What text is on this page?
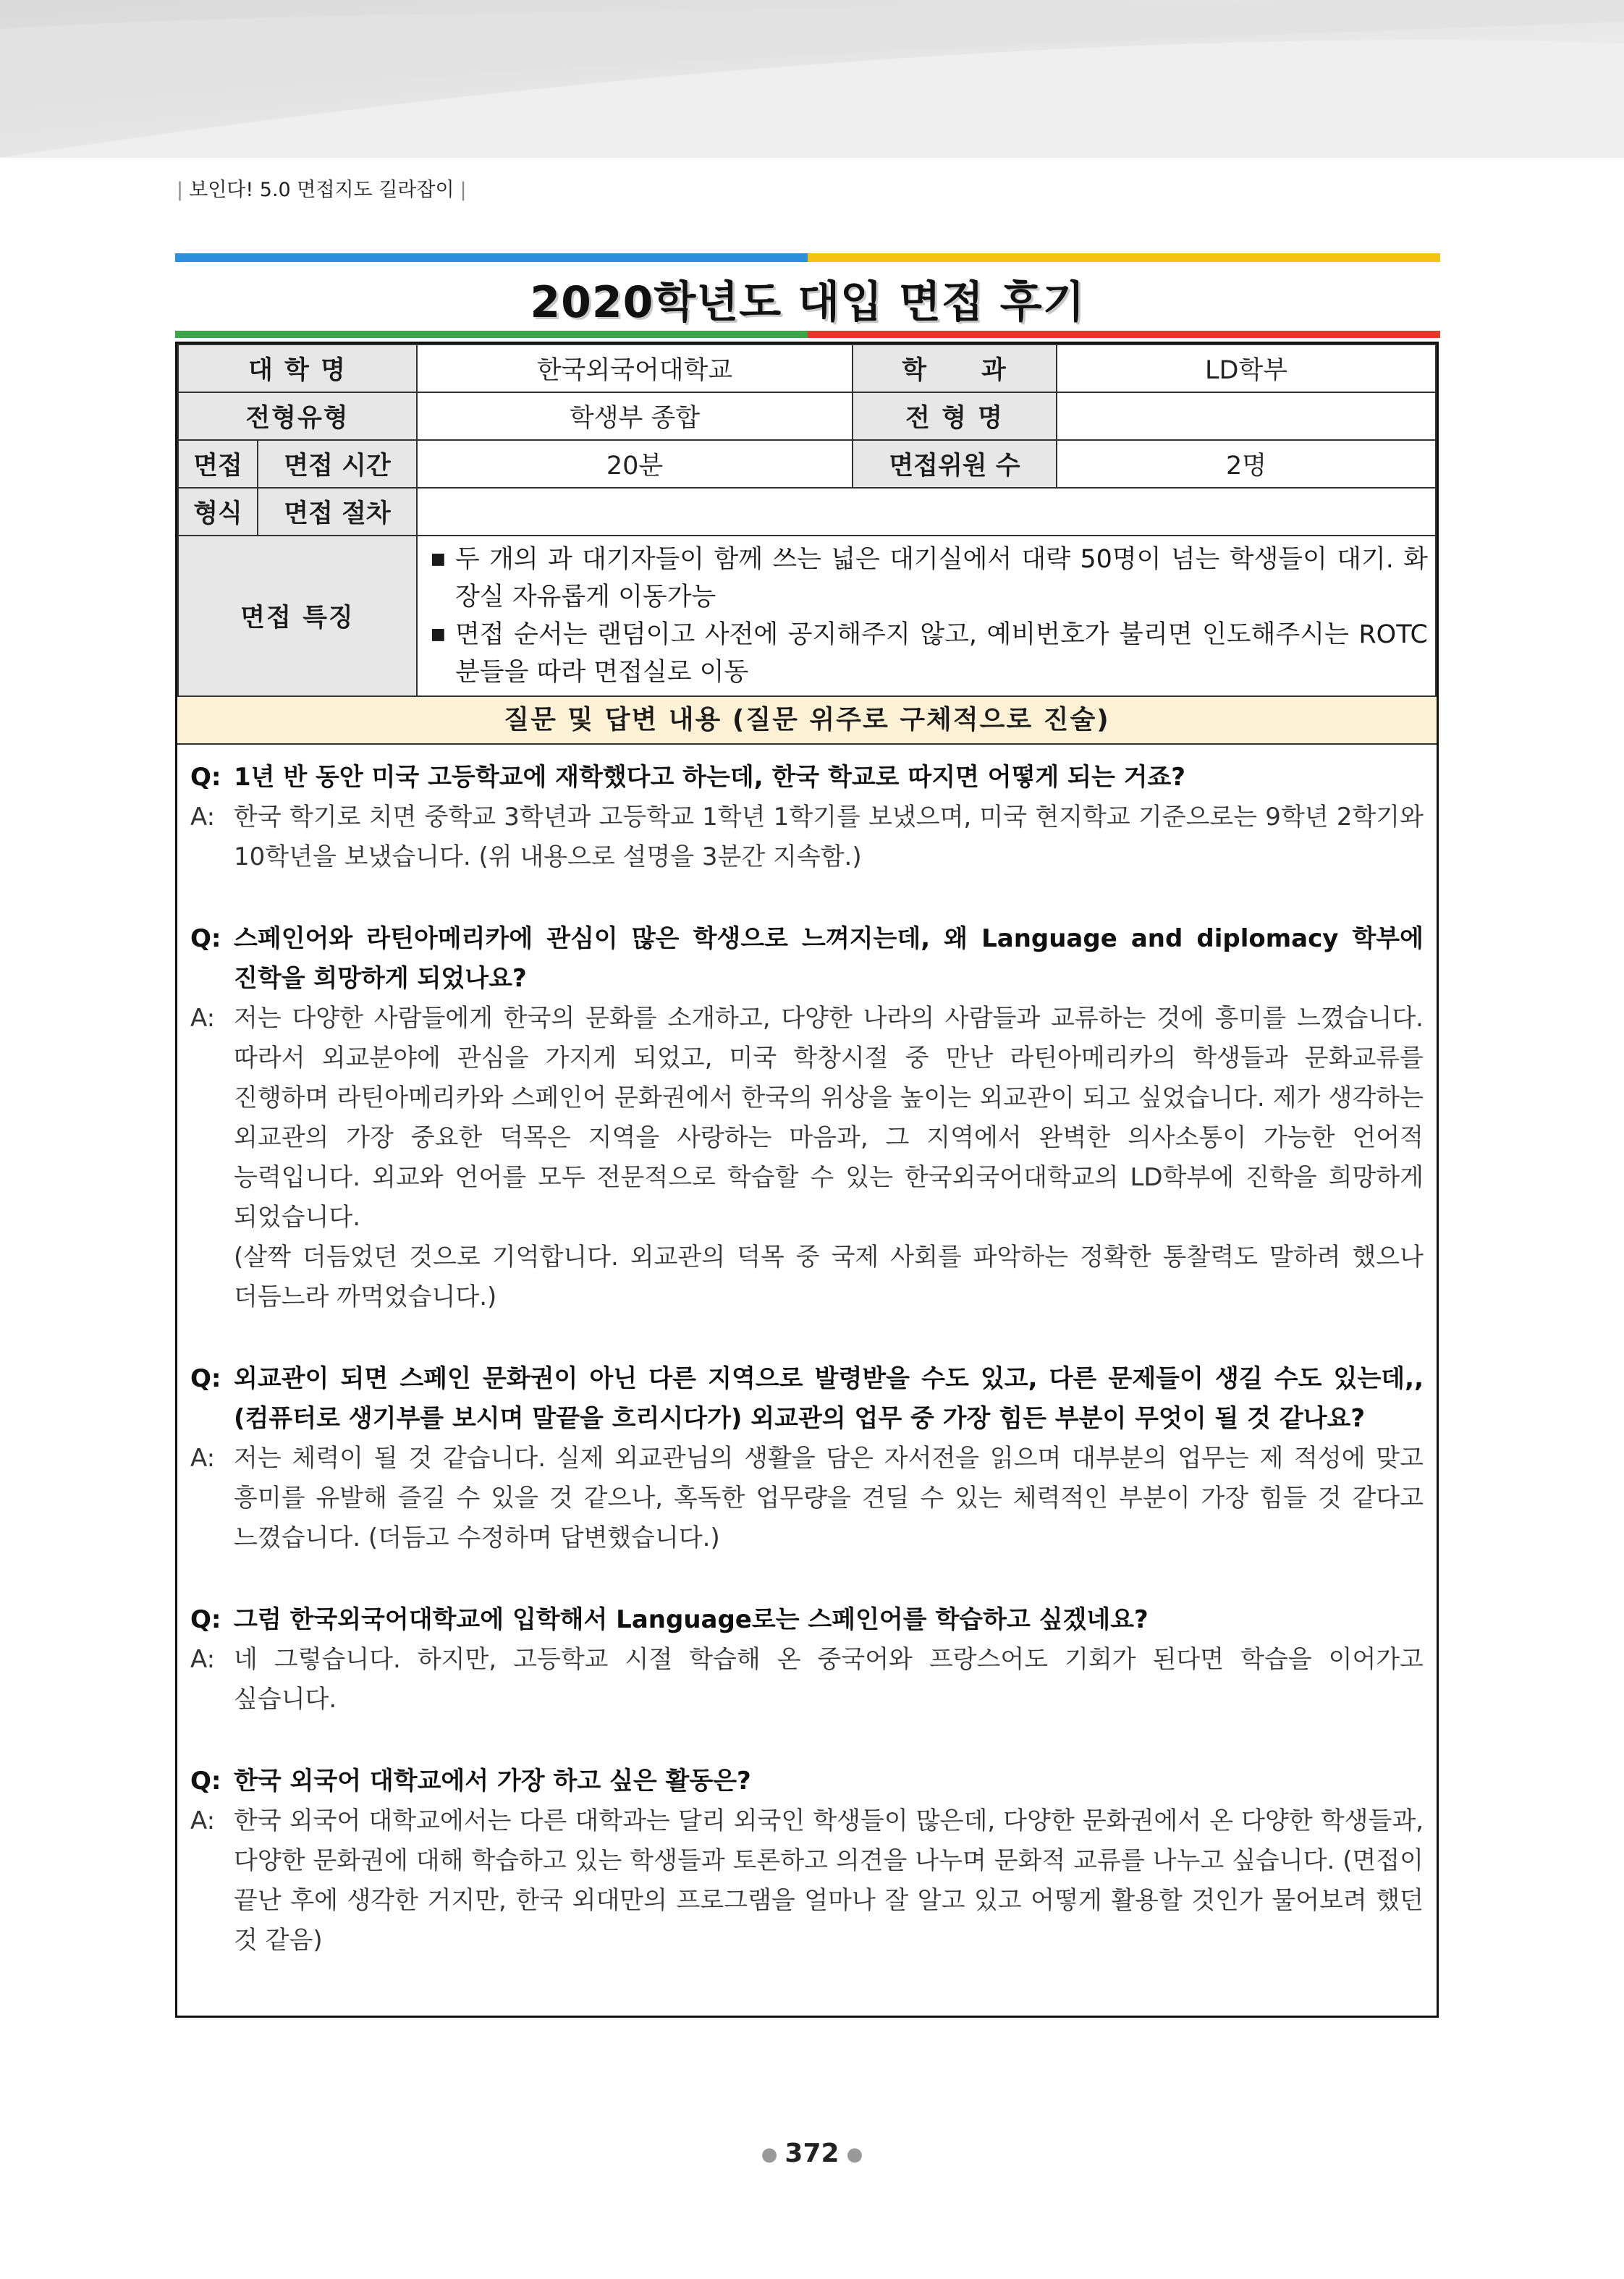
| 보인다! 5.0 면접지도 길라잡이 |
2020학년도 대입 면접 후기
대 학 명		한국외국어대학교	학　　과	LD학부
전형유형		학생부 종합	전 형 명	
면접	면접 시간	20분	면접위원 수	2명
형식	면접 절차			
면접 특징		■ 두 개의 과 대기자들이 함께 쓰는 넓은 대기실에서 대략 50명이 넘는 학생들이 대기. 화장실 자유롭게 이동가능
■ 면접 순서는 랜덤이고 사전에 공지해주지 않고, 예비번호가 불리면 인도해주시는 ROTC분들을 따라 면접실로 이동		
질문 및 답변 내용 (질문 위주로 구체적으로 진술)
Q: 1년 반 동안 미국 고등학교에 재학했다고 하는데, 한국 학교로 따지면 어떻게 되는 거죠?
A: 한국 학기로 치면 중학교 3학년과 고등학교 1학년 1학기를 보냈으며, 미국 현지학교 기준으로는 9학년 2학기와 10학년을 보냈습니다. (위 내용으로 설명을 3분간 지속함.)
Q: 스페인어와 라틴아메리카에 관심이 많은 학생으로 느껴지는데, 왜 Language and diplomacy 학부에 진학을 희망하게 되었나요?
A: 저는 다양한 사람들에게 한국의 문화를 소개하고, 다양한 나라의 사람들과 교류하는 것에 흥미를 느꼈습니다. 따라서 외교분야에 관심을 가지게 되었고, 미국 학창시절 중 만난 라틴아메리카의 학생들과 문화교류를 진행하며 라틴아메리카와 스페인어 문화권에서 한국의 위상을 높이는 외교관이 되고 싶었습니다. 제가 생각하는 외교관의 가장 중요한 덕목은 지역을 사랑하는 마음과, 그 지역에서 완벽한 의사소통이 가능한 언어적 능력입니다. 외교와 언어를 모두 전문적으로 학습할 수 있는 한국외국어대학교의 LD학부에 진학을 희망하게 되었습니다.
(살짝 더듬었던 것으로 기억합니다. 외교관의 덕목 중 국제 사회를 파악하는 정확한 통찰력도 말하려 했으나 더듬느라 까먹었습니다.)
Q: 외교관이 되면 스페인 문화권이 아닌 다른 지역으로 발령받을 수도 있고, 다른 문제들이 생길 수도 있는데,, (컴퓨터로 생기부를 보시며 말끝을 흐리시다가) 외교관의 업무 중 가장 힘든 부분이 무엇이 될 것 같나요?
A: 저는 체력이 될 것 같습니다. 실제 외교관님의 생활을 담은 자서전을 읽으며 대부분의 업무는 제 적성에 맞고 흥미를 유발해 즐길 수 있을 것 같으나, 혹독한 업무량을 견딜 수 있는 체력적인 부분이 가장 힘들 것 같다고 느꼈습니다. (더듬고 수정하며 답변했습니다.)
Q: 그럼 한국외국어대학교에 입학해서 Language로는 스페인어를 학습하고 싶겠네요?
A: 네 그렇습니다. 하지만, 고등학교 시절 학습해 온 중국어와 프랑스어도 기회가 된다면 학습을 이어가고 싶습니다.
Q: 한국 외국어 대학교에서 가장 하고 싶은 활동은?
A: 한국 외국어 대학교에서는 다른 대학과는 달리 외국인 학생들이 많은데, 다양한 문화권에서 온 다양한 학생들과, 다양한 문화권에 대해 학습하고 있는 학생들과 토론하고 의견을 나누며 문화적 교류를 나누고 싶습니다. (면접이 끝난 후에 생각한 거지만, 한국 외대만의 프로그램을 얼마나 잘 알고 있고 어떻게 활용할 것인가 물어보려 했던 것 같음)
● 372 ●
